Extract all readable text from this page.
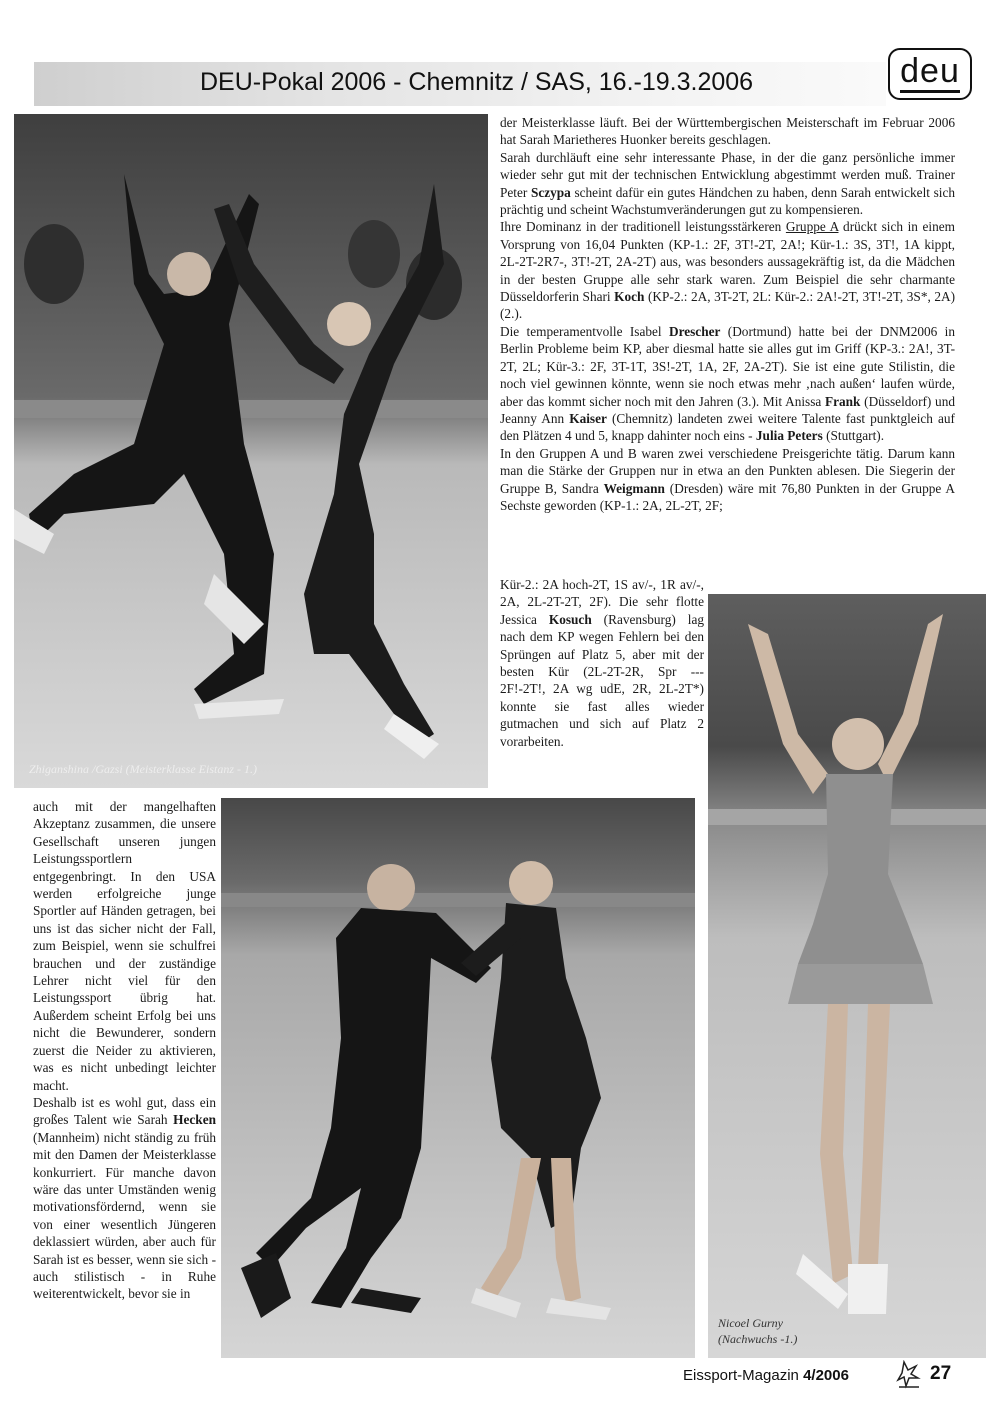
DEU-Pokal 2006 - Chemnitz / SAS, 16.-19.3.2006	deu
Zhiganshina /Gazsi (Meisterklasse Eistanz - 1.)

der Meisterklasse läuft. Bei der Württembergischen Meisterschaft im Februar 2006 hat Sarah Marietheres Huonker bereits geschlagen.

Sarah durchläuft eine sehr interessante Phase, in der die ganz persönliche immer wieder sehr gut mit der technischen Entwicklung abgestimmt werden muß. Trainer Peter Sczypa scheint dafür ein gutes Händchen zu haben, denn Sarah entwickelt sich prächtig und scheint Wachstumveränderungen gut zu kompensieren.

Ihre Dominanz in der traditionell leistungsstärkeren Gruppe A drückt sich in einem Vorsprung von 16,04 Punkten (KP-1.: 2F, 3T!-2T, 2A!; Kür-1.: 3S, 3T!, 1A kippt, 2L-2T-2R7-, 3T!-2T, 2A-2T) aus, was besonders aussagekräftig ist, da die Mädchen in der besten Gruppe alle sehr stark waren. Zum Beispiel die sehr charmante Düsseldorferin Shari Koch (KP-2.: 2A, 3T-2T, 2L: Kür-2.: 2A!-2T, 3T!-2T, 3S*, 2A) (2.).

Die temperamentvolle Isabel Drescher (Dortmund) hatte bei der DNM2006 in Berlin Probleme beim KP, aber diesmal hatte sie alles gut im Griff (KP-3.: 2A!, 3T-2T, 2L; Kür-3.: 2F, 3T-1T, 3S!-2T, 1A, 2F, 2A-2T). Sie ist eine gute Stilistin, die noch viel gewinnen könnte, wenn sie noch etwas mehr ‚nach außen‘ laufen würde, aber das kommt sicher noch mit den Jahren (3.). Mit Anissa Frank (Düsseldorf) und Jeanny Ann Kaiser (Chemnitz) landeten zwei weitere Talente fast punktgleich auf den Plätzen 4 und 5, knapp dahinter noch eins - Julia Peters (Stuttgart).

In den Gruppen A und B waren zwei verschiedene Preisgerichte tätig. Darum kann man die Stärke der Gruppen nur in etwa an den Punkten ablesen. Die Siegerin der Gruppe B, Sandra Weigmann (Dresden) wäre mit 76,80 Punkten in der Gruppe A Sechste geworden (KP-1.: 2A, 2L-2T, 2F;

Kür-2.: 2A hoch-2T, 1S av/-, 1R av/-, 2A, 2L-2T-2T, 2F). Die sehr flotte Jessica Kosuch (Ravensburg) lag nach dem KP wegen Fehlern bei den Sprüngen auf Platz 5, aber mit der besten Kür (2L-2T-2R, Spr --- 2F!-2T!, 2A wg udE, 2R, 2L-2T*) konnte sie fast alles wieder gutmachen und sich auf Platz 2 vorarbeiten.

Nicoel Gurny
(Nachwuchs -1.)

auch mit der mangelhaften Akzeptanz zusammen, die unsere Gesellschaft unseren jungen Leistungssportlern entgegenbringt. In den USA werden erfolgreiche junge Sportler auf Händen getragen, bei uns ist das sicher nicht der Fall, zum Beispiel, wenn sie schulfrei brauchen und der zuständige Lehrer nicht viel für den Leistungssport übrig hat. Außerdem scheint Erfolg bei uns nicht die Bewunderer, sondern zuerst die Neider zu aktivieren, was es nicht unbedingt leichter macht.

Deshalb ist es wohl gut, dass ein großes Talent wie Sarah Hecken (Mannheim) nicht ständig zu früh mit den Damen der Meisterklasse konkurriert. Für manche davon wäre das unter Umständen wenig motivationsfördernd, wenn sie von einer wesentlich Jüngeren deklassiert würden, aber auch für Sarah ist es besser, wenn sie sich - auch stilistisch - in Ruhe weiterentwickelt, bevor sie in

Eissport-Magazin 4/2006	27
